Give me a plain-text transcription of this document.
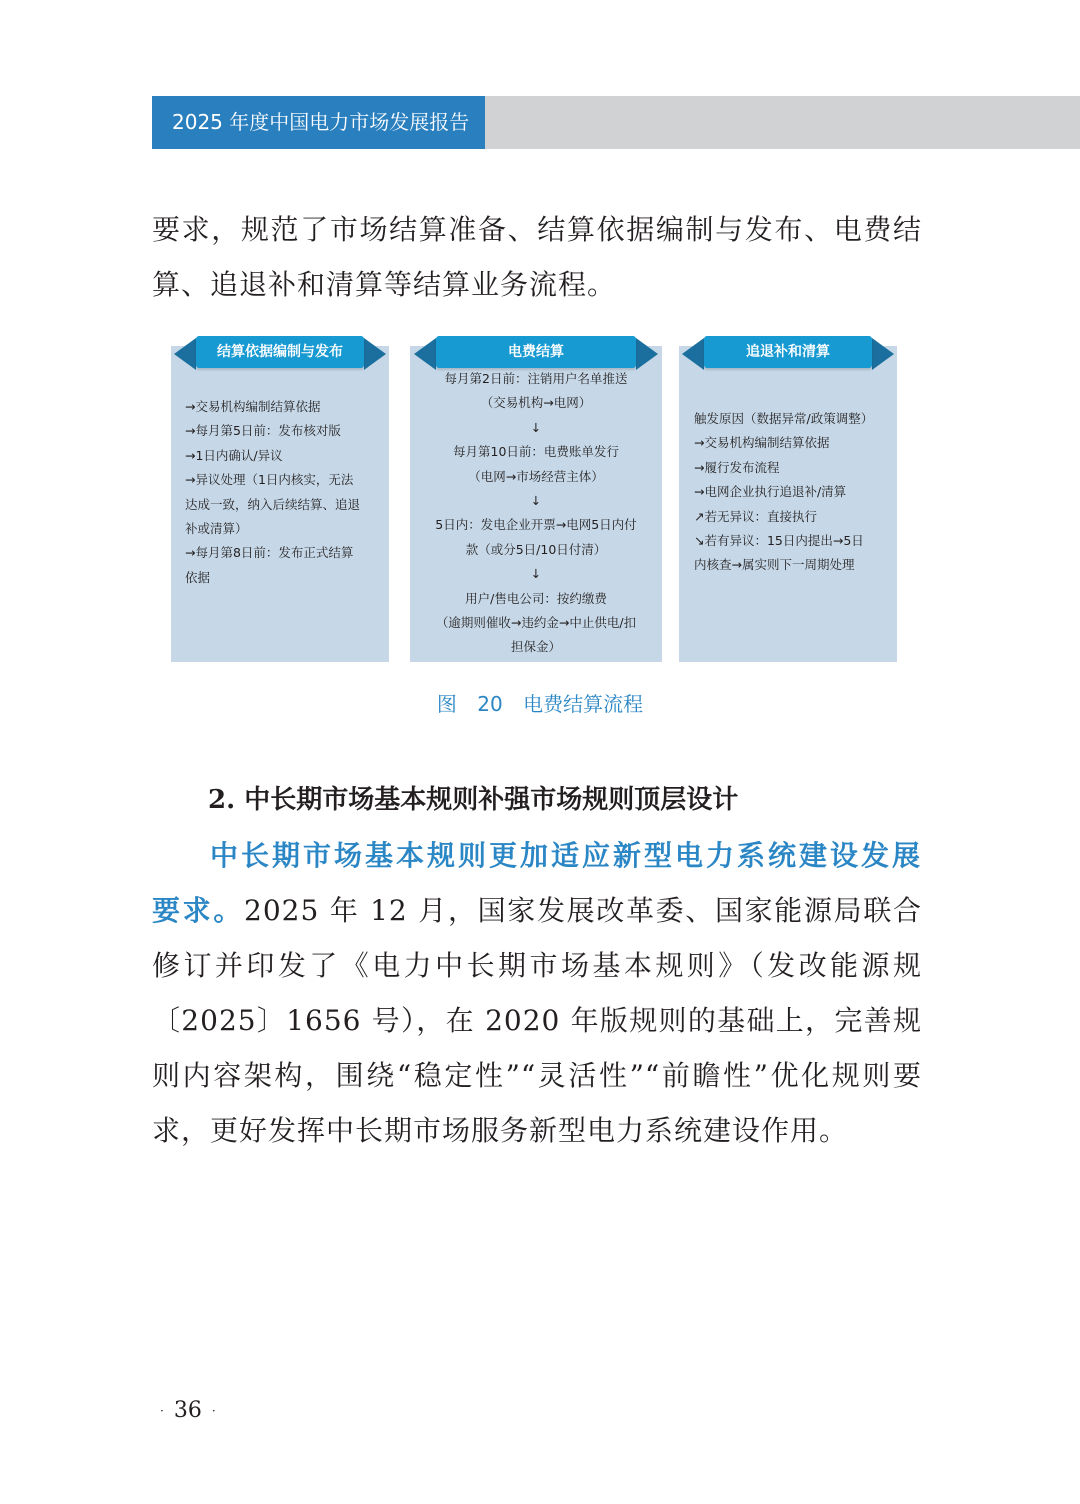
2025 年度中国电力市场发展报告
要求，规范了市场结算准备、结算依据编制与发布、电费结算、追退补和清算等结算业务流程。
结算依据编制与发布	电费结算	追退补和清算
→交易机构编制结算依据
→每月第5日前：发布核对版
→1日内确认/异议
→异议处理（1日内核实，无法
达成一致，纳入后续结算、追退
补或清算）
→每月第8日前：发布正式结算
依据
每月第2日前：注销用户名单推送
（交易机构→电网）
↓
每月第10日前：电费账单发行
（电网→市场经营主体）
↓
5日内：发电企业开票→电网5日内付
款（或分5日/10日付清）
↓
用户/售电公司：按约缴费
（逾期则催收→违约金→中止供电/扣
担保金）
触发原因（数据异常/政策调整）
→交易机构编制结算依据
→履行发布流程
→电网企业执行追退补/清算
↗若无异议：直接执行
↘若有异议：15日内提出→5日
内核查→属实则下一周期处理
图 20 电费结算流程
2. 中长期市场基本规则补强市场规则顶层设计
中长期市场基本规则更加适应新型电力系统建设发展要求。2025 年 12 月，国家发展改革委、国家能源局联合修订并印发了《电力中长期市场基本规则》（发改能源规〔2025〕1656 号），在 2020 年版规则的基础上，完善规则内容架构，围绕“稳定性”“灵活性”“前瞻性”优化规则要求，更好发挥中长期市场服务新型电力系统建设作用。
· 36 ·
